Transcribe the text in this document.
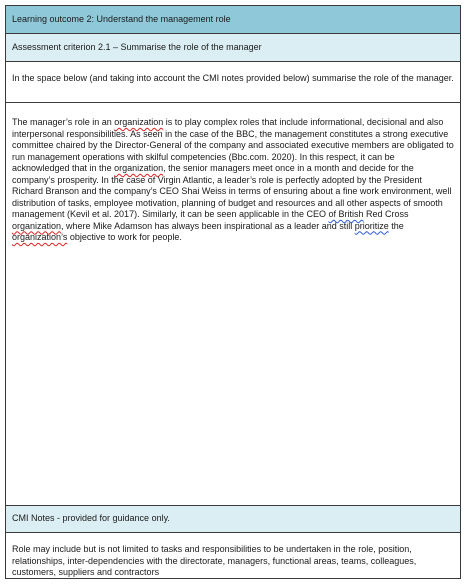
Learning outcome 2: Understand the management role
Assessment criterion 2.1 – Summarise the role of the manager

In the space below (and taking into account the CMI notes provided below) summarise the role of the manager.

The manager’s role in an organization is to play complex roles that include informational, decisional and also interpersonal responsibilities. As seen in the case of the BBC, the management constitutes a strong executive committee chaired by the Director-General of the company and associated executive members are obligated to run management operations with skilful competencies (Bbc.com. 2020). In this respect, it can be acknowledged that in the organization, the senior managers meet once in a month and decide for the company’s prosperity. In the case of Virgin Atlantic, a leader’s role is perfectly adopted by the President Richard Branson and the company’s CEO Shai Weiss in terms of ensuring about a fine work environment, well distribution of tasks, employee motivation, planning of budget and resources and all other aspects of smooth management (Kevil et al. 2017). Similarly, it can be seen applicable in the CEO of British Red Cross organization, where Mike Adamson has always been inspirational as a leader and still prioritize the organization’s objective to work for people.

CMI Notes - provided for guidance only.

Role may include but is not limited to tasks and responsibilities to be undertaken in the role, position, relationships, inter-dependencies with the directorate, managers, functional areas, teams, colleagues, customers, suppliers and contractors
